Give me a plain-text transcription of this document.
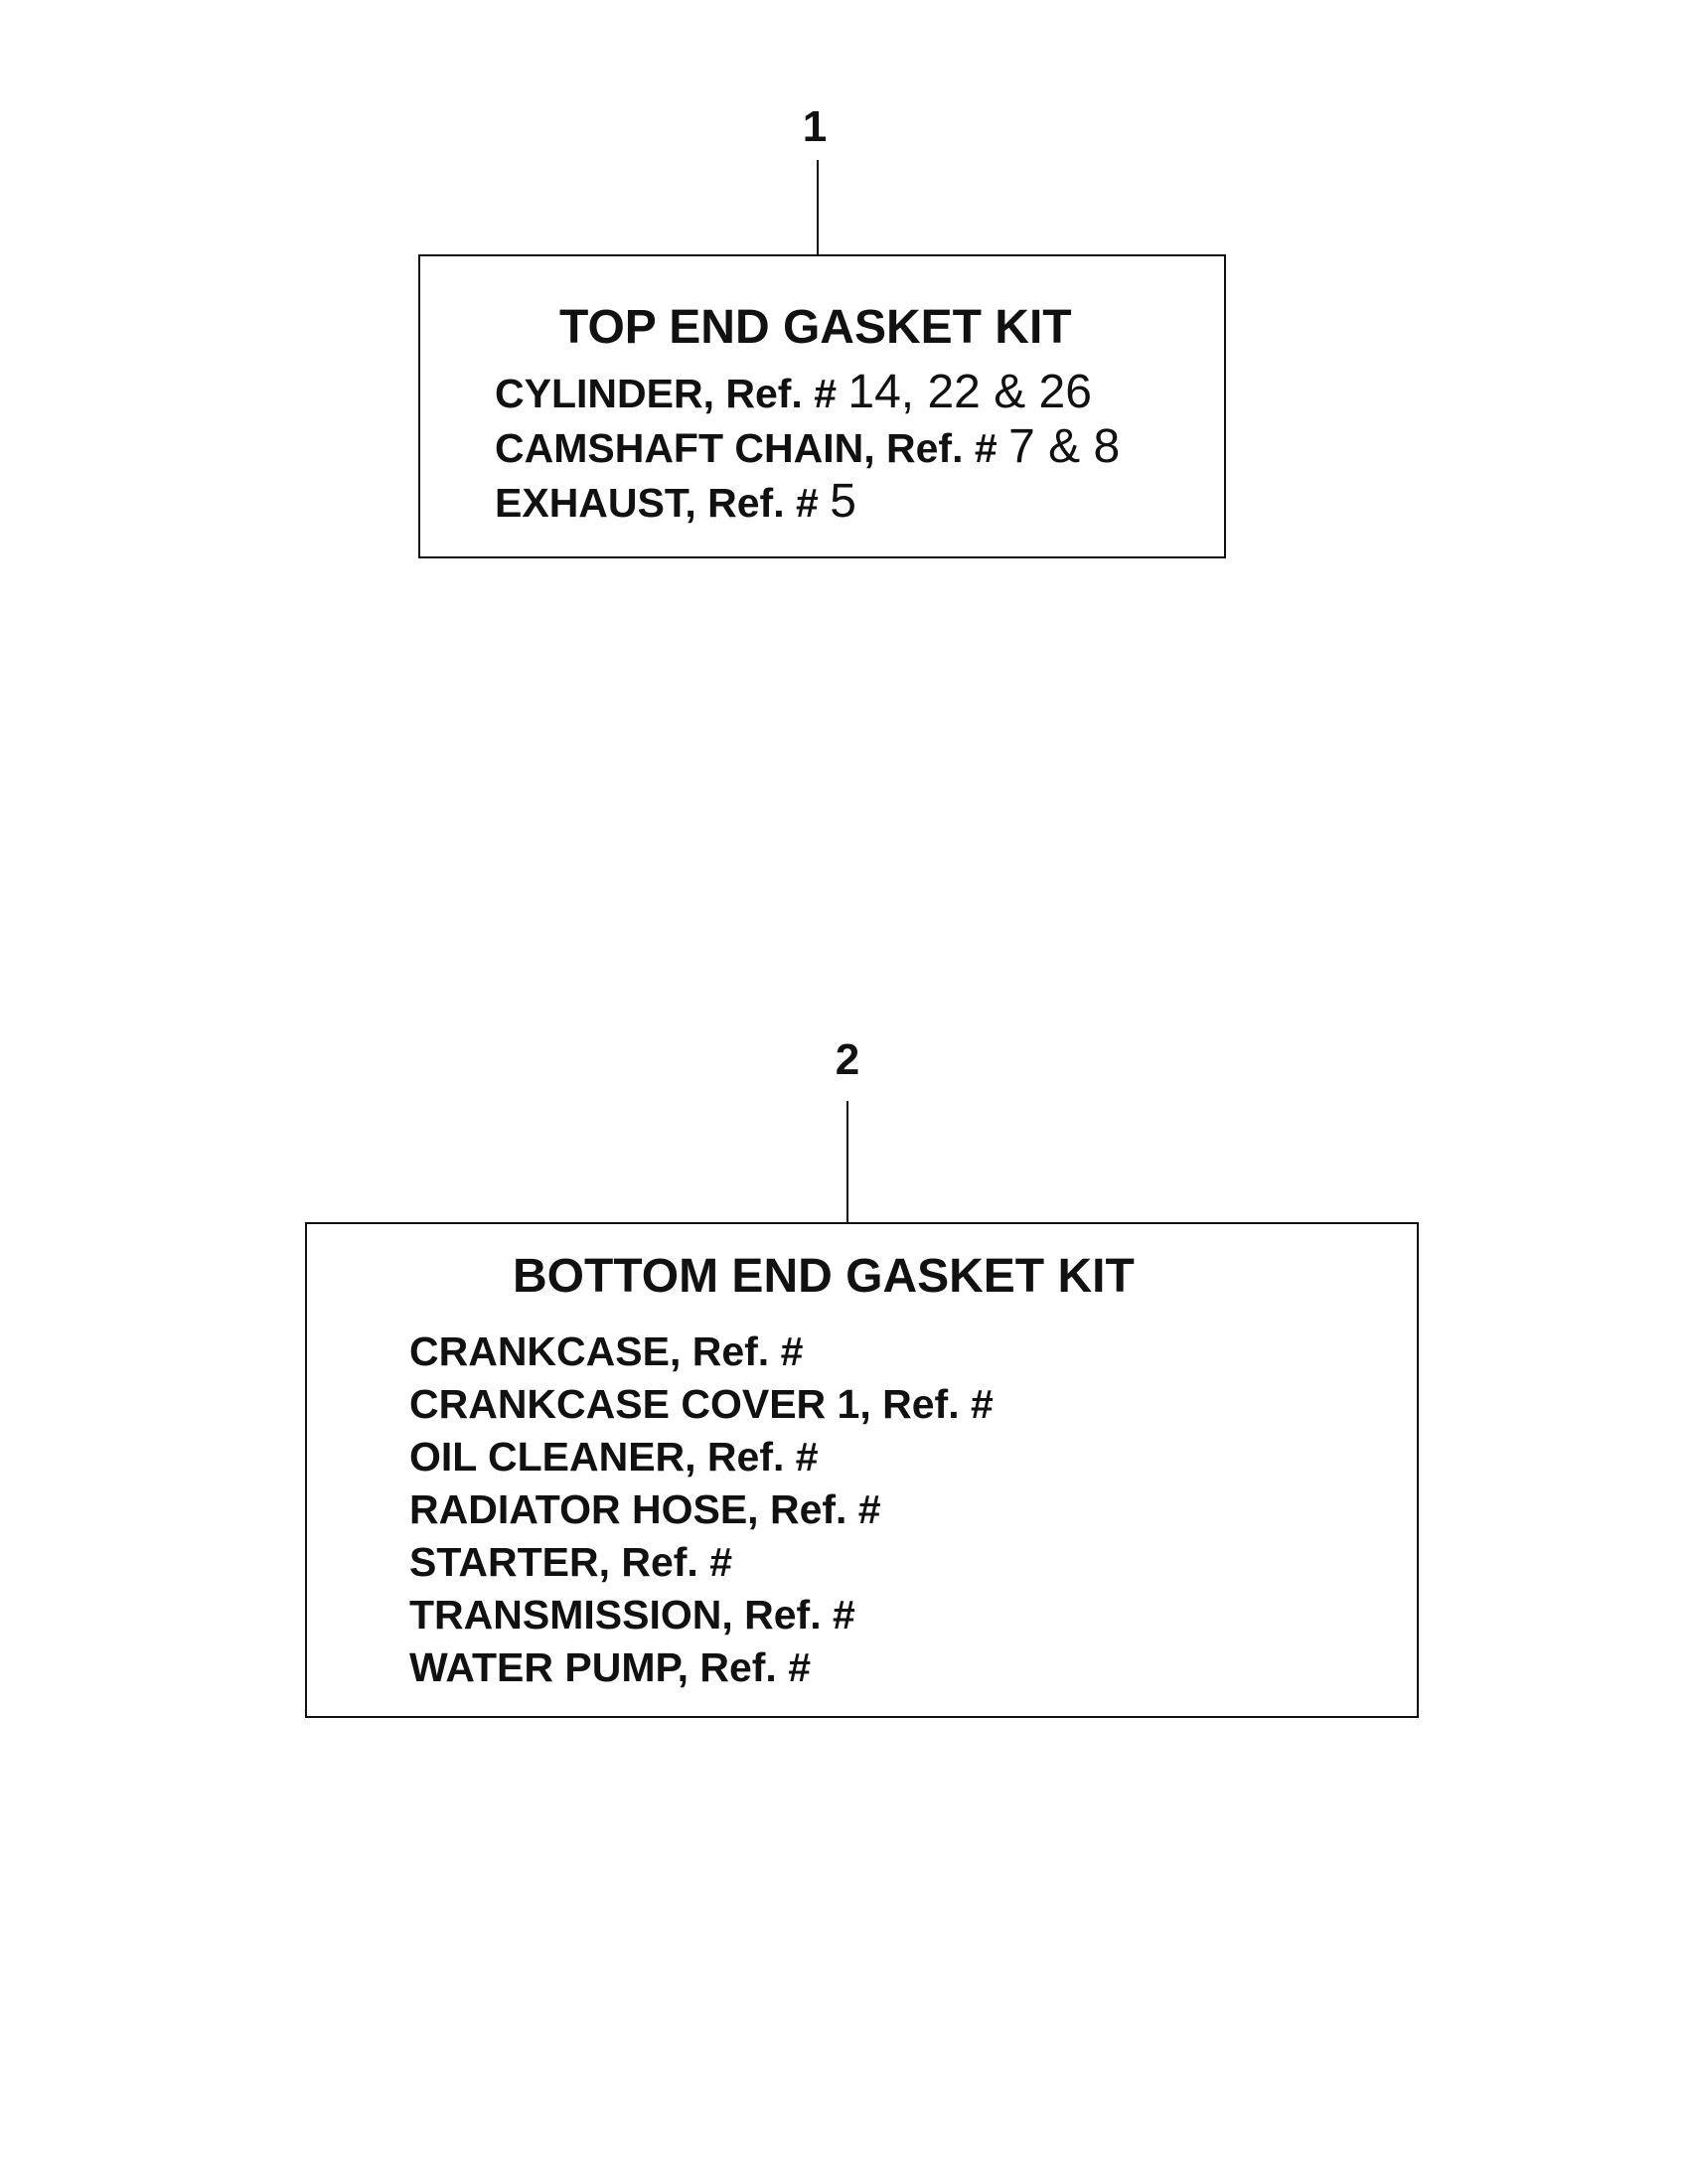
1
TOP END GASKET KIT
CYLINDER, Ref. # 14, 22 & 26
CAMSHAFT CHAIN, Ref. # 7 & 8
EXHAUST, Ref. # 5
2
BOTTOM END GASKET KIT
CRANKCASE, Ref. #
CRANKCASE COVER 1, Ref. #
OIL CLEANER, Ref. #
RADIATOR HOSE, Ref. #
STARTER, Ref. #
TRANSMISSION, Ref. #
WATER PUMP, Ref. #
